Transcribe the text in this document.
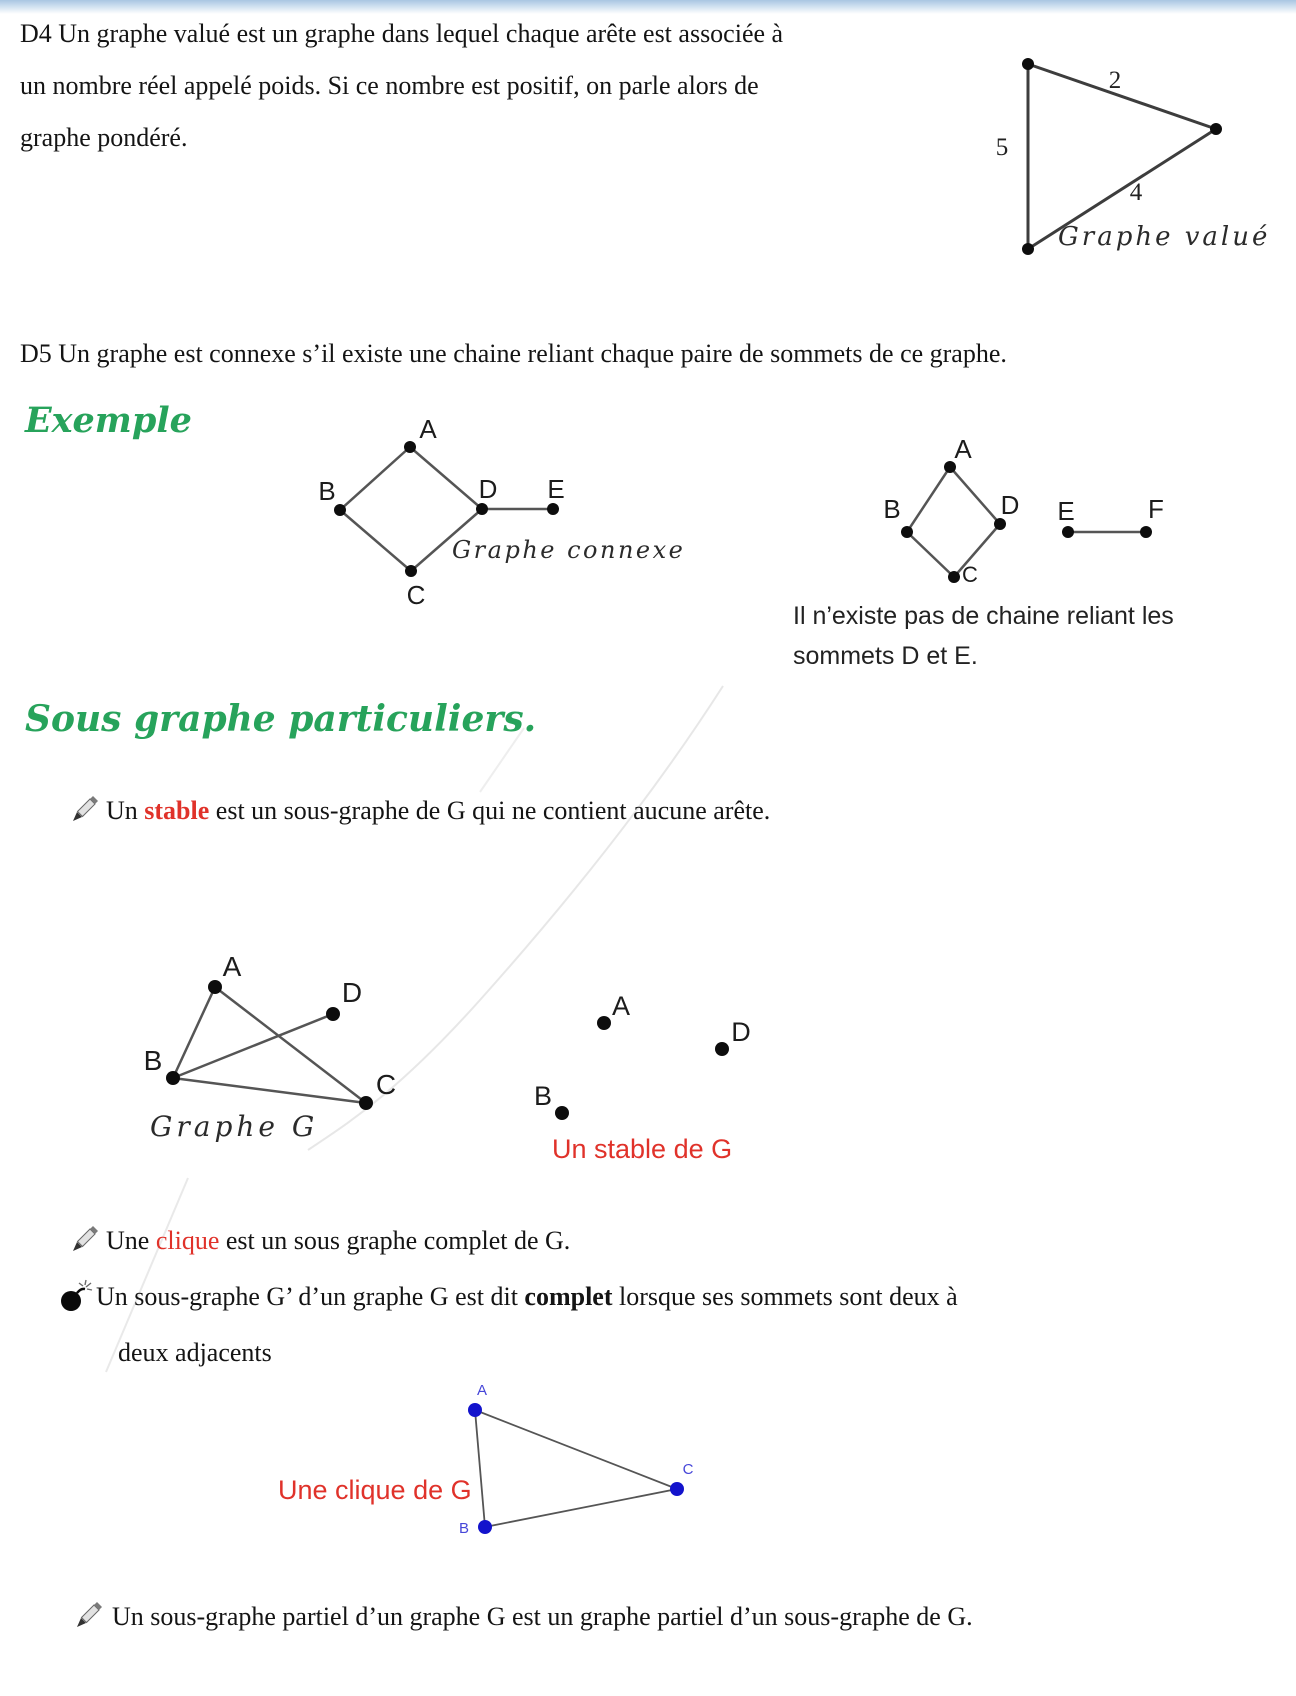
D4 Un graphe valué est un graphe dans lequel chaque arête est associée à
un nombre réel appelé poids. Si ce nombre est positif, on parle alors de
graphe pondéré.
2
5
4
Graphe valué
D5 Un graphe est connexe s’il existe une chaine reliant chaque paire de sommets de ce graphe.
Exemple	A
B	D E
C
Graphe connexe
A
B	D E	F
C
Il n’existe pas de chaine reliant les
sommets D et E.
Sous graphe particuliers.
Un stable est un sous-graphe de G qui ne contient aucune arête.
A
D
B
C
Graphe G
A
D
B
Un stable de G
Une clique est un sous graphe complet de G.
Un sous-graphe G’ d’un graphe G est dit complet lorsque ses sommets sont deux à
deux adjacents
A
B
C
Une clique de G
Un sous-graphe partiel d’un graphe G est un graphe partiel d’un sous-graphe de G.
